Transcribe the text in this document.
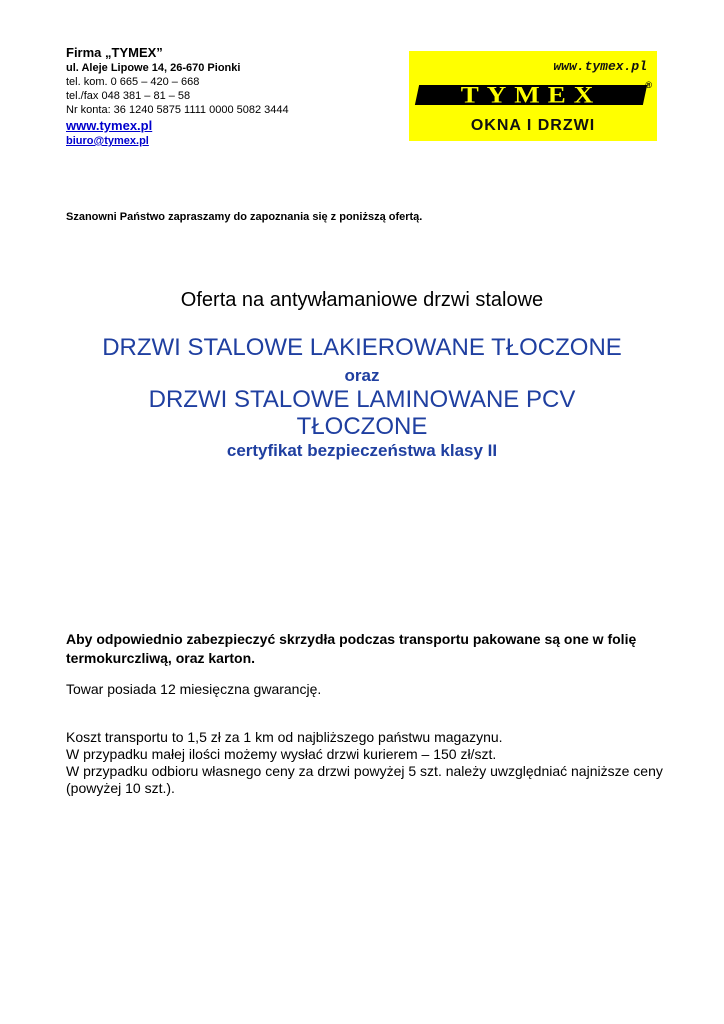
Firma „TYMEX”
ul. Aleje Lipowe 14, 26-670 Pionki
tel. kom. 0 665 – 420 – 668
tel./fax 048 381 – 81 – 58
Nr konta: 36 1240 5875 1111 0000 5082 3444
www.tymex.pl
biuro@tymex.pl
www.tymex.pl
TYMEX	®
OKNA I DRZWI
Szanowni Państwo zapraszamy do zapoznania się z poniższą ofertą.
Oferta na antywłamaniowe drzwi stalowe
DRZWI STALOWE LAKIEROWANE TŁOCZONE
oraz
DRZWI STALOWE LAMINOWANE PCV
TŁOCZONE
certyfikat bezpieczeństwa klasy II
Aby odpowiednio zabezpieczyć skrzydła podczas transportu pakowane są one w folię termokurczliwą, oraz karton.
Towar posiada 12 miesięczna gwarancję.
Koszt transportu to 1,5 zł za 1 km od najbliższego państwu magazynu.
W przypadku małej ilości możemy wysłać drzwi kurierem – 150 zł/szt.
W przypadku odbioru własnego ceny za drzwi powyżej 5 szt. należy uwzględniać najniższe ceny (powyżej 10 szt.).
